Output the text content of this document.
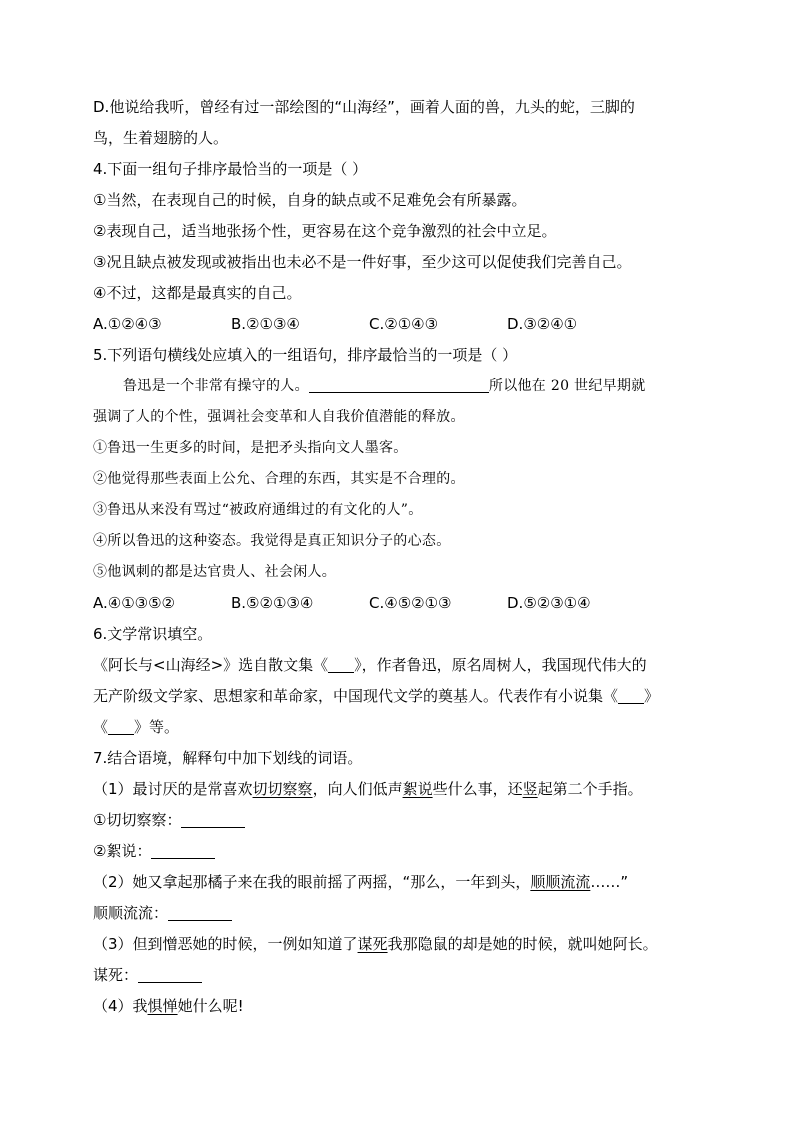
D.他说给我听，曾经有过一部绘图的“山海经”，画着人面的兽，九头的蛇，三脚的
鸟，生着翅膀的人。
4.下面一组句子排序最恰当的一项是（ ）
①当然，在表现自己的时候，自身的缺点或不足难免会有所暴露。
②表现自己，适当地张扬个性，更容易在这个竞争激烈的社会中立足。
③况且缺点被发现或被指出也未必不是一件好事，至少这可以促使我们完善自己。
④不过，这都是最真实的自己。
A.①②④③	B.②①③④	C.②①④③	D.③②④①
5.下列语句横线处应填入的一组语句，排序最恰当的一项是（ ）
鲁迅是一个非常有操守的人。	所以他在 20 世纪早期就
强调了人的个性，强调社会变革和人自我价值潜能的释放。
①鲁迅一生更多的时间，是把矛头指向文人墨客。
②他觉得那些表面上公允、合理的东西，其实是不合理的。
③鲁迅从来没有骂过“被政府通缉过的有文化的人”。
④所以鲁迅的这种姿态。我觉得是真正知识分子的心态。
⑤他讽刺的都是达官贵人、社会闲人。
A.④①③⑤②	B.⑤②①③④	C.④⑤②①③	D.⑤②③①④
6.文学常识填空。
《阿长与<山海经>》选自散文集《 》，作者鲁迅，原名周树人，我国现代伟大的
无产阶级文学家、思想家和革命家，中国现代文学的奠基人。代表作有小说集《 》
《 》等。
7.结合语境，解释句中加下划线的词语。
（1）最讨厌的是常喜欢切切察察，向人们低声絮说些什么事，还竖起第二个手指。
①切切察察：
②絮说：
（2）她又拿起那橘子来在我的眼前摇了两摇，“那么，一年到头，顺顺流流……”
顺顺流流：
（3）但到憎恶她的时候，一例如知道了谋死我那隐鼠的却是她的时候，就叫她阿长。
谋死：
（4）我惧惮她什么呢!
